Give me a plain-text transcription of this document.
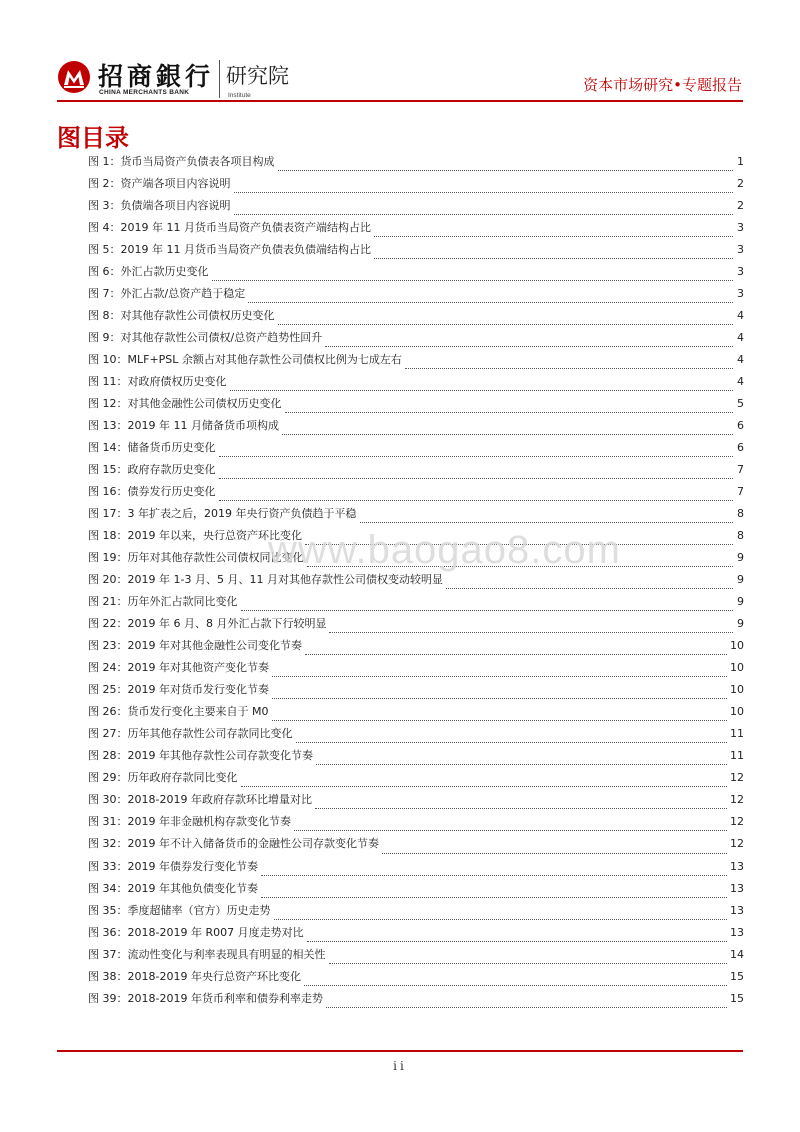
招商銀行
CHINA MERCHANTS BANK
研究院
Institute
资本市场研究•专题报告
图目录
图 1： 货币当局资产负债表各项目构成	1
图 2： 资产端各项目内容说明	2
图 3： 负债端各项目内容说明	2
图 4： 2019 年 11 月货币当局资产负债表资产端结构占比	3
图 5： 2019 年 11 月货币当局资产负债表负债端结构占比	3
图 6： 外汇占款历史变化	3
图 7： 外汇占款/总资产趋于稳定	3
图 8： 对其他存款性公司债权历史变化	4
图 9： 对其他存款性公司债权/总资产趋势性回升	4
图 10： MLF+PSL 余额占对其他存款性公司债权比例为七成左右	4
图 11： 对政府债权历史变化	4
图 12： 对其他金融性公司债权历史变化	5
图 13： 2019 年 11 月储备货币项构成	6
图 14： 储备货币历史变化	6
图 15： 政府存款历史变化	7
图 16： 债券发行历史变化	7
图 17： 3 年扩表之后，2019 年央行资产负债趋于平稳	8
图 18： 2019 年以来，央行总资产环比变化	8
图 19： 历年对其他存款性公司债权同比变化	9
图 20： 2019 年 1-3 月、5 月、11 月对其他存款性公司债权变动较明显	9
图 21： 历年外汇占款同比变化	9
图 22： 2019 年 6 月、8 月外汇占款下行较明显	9
图 23： 2019 年对其他金融性公司变化节奏	10
图 24： 2019 年对其他资产变化节奏	10
图 25： 2019 年对货币发行变化节奏	10
图 26： 货币发行变化主要来自于 M0	10
图 27： 历年其他存款性公司存款同比变化	11
图 28： 2019 年其他存款性公司存款变化节奏	11
图 29： 历年政府存款同比变化	12
图 30： 2018-2019 年政府存款环比增量对比	12
图 31： 2019 年非金融机构存款变化节奏	12
图 32： 2019 年不计入储备货币的金融性公司存款变化节奏	12
图 33： 2019 年债券发行变化节奏	13
图 34： 2019 年其他负债变化节奏	13
图 35： 季度超储率（官方）历史走势	13
图 36： 2018-2019 年 R007 月度走势对比	13
图 37： 流动性变化与利率表现具有明显的相关性	14
图 38： 2018-2019 年央行总资产环比变化	15
图 39： 2018-2019 年货币利率和债券利率走势	15
www.baogao8.com
ii
